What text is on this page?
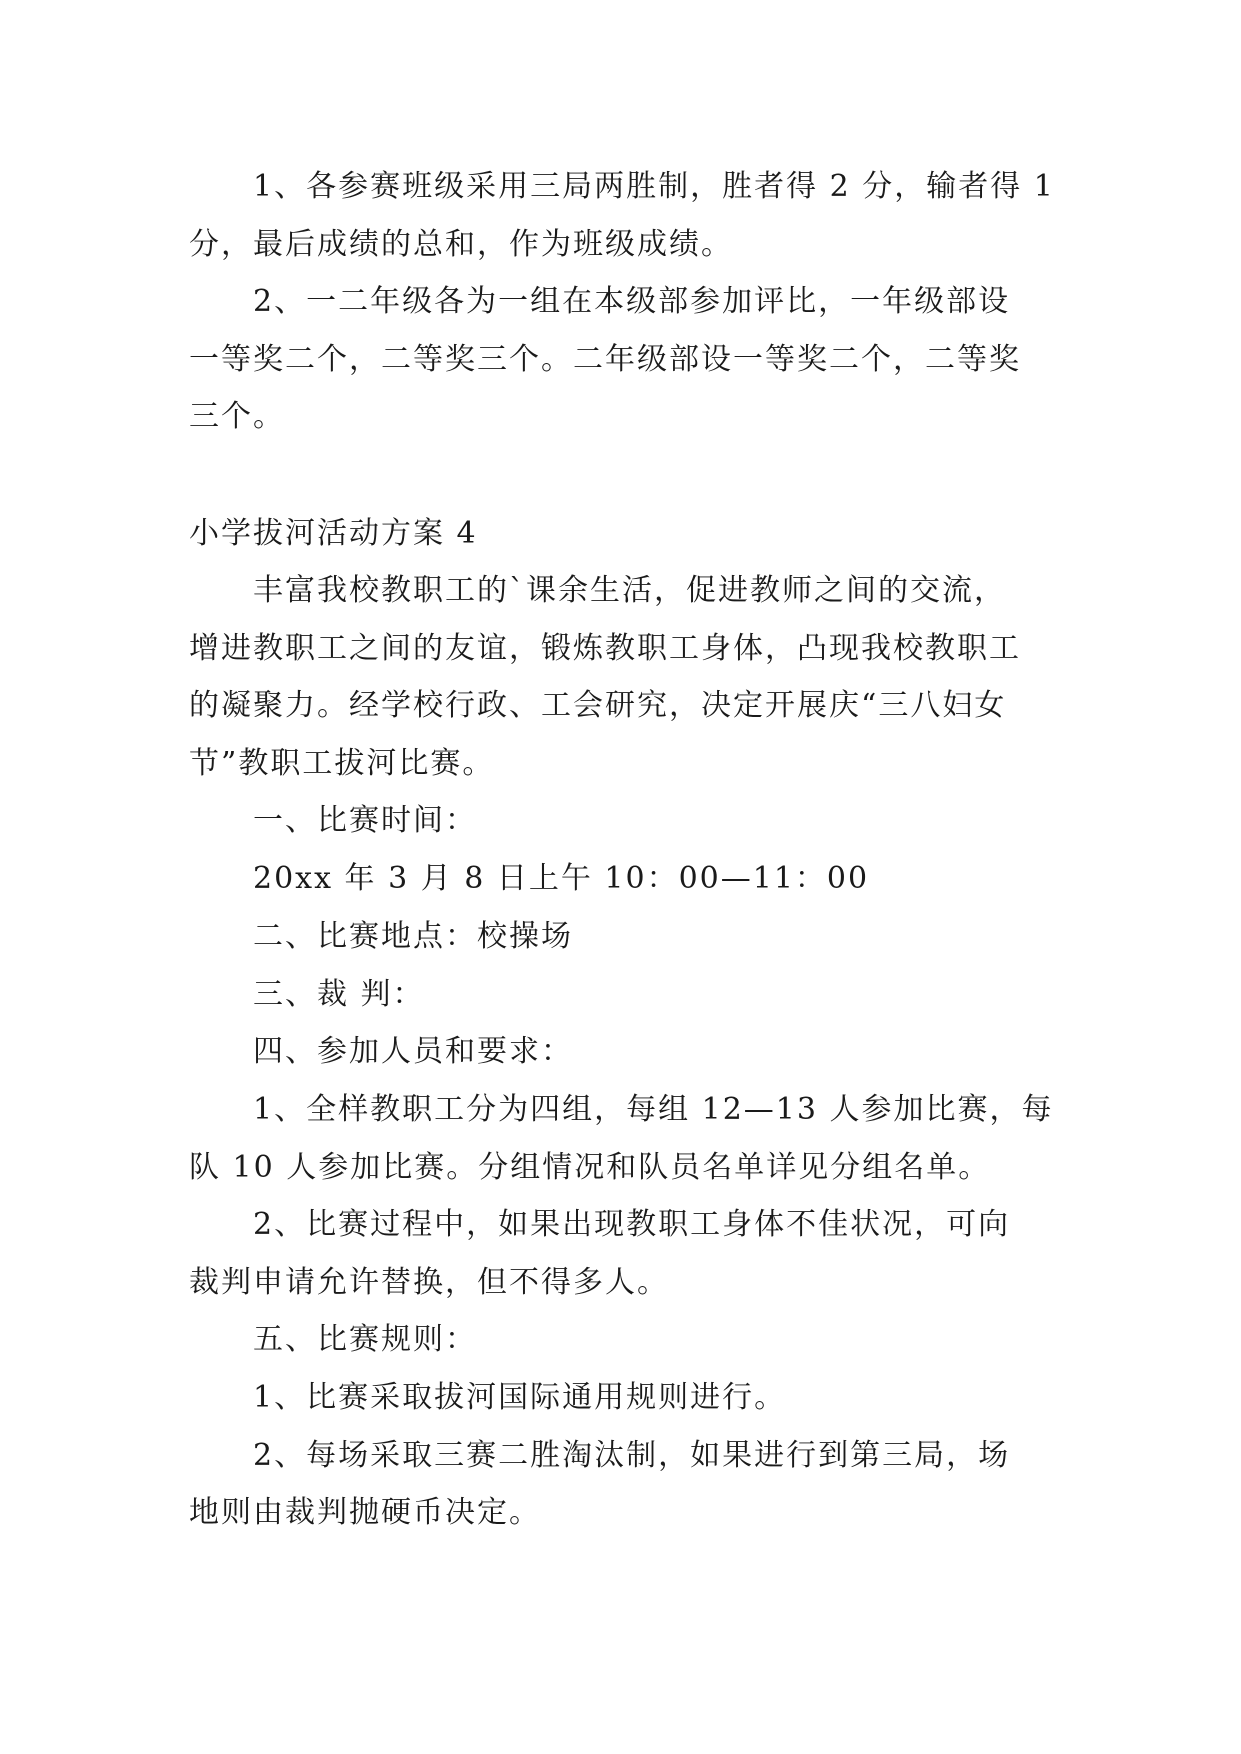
1、各参赛班级采用三局两胜制，胜者得 2 分，输者得 1
分，最后成绩的总和，作为班级成绩。
2、一二年级各为一组在本级部参加评比，一年级部设
一等奖二个，二等奖三个。二年级部设一等奖二个，二等奖
三个。
小学拔河活动方案 4
丰富我校教职工的`课余生活，促进教师之间的交流，
增进教职工之间的友谊，锻炼教职工身体，凸现我校教职工
的凝聚力。经学校行政、工会研究，决定开展庆“三八妇女
节”教职工拔河比赛。
一、比赛时间：
20xx 年 3 月 8 日上午 10：00—11：00
二、比赛地点：校操场
三、裁 判：
四、参加人员和要求：
1、全样教职工分为四组，每组 12—13 人参加比赛，每
队 10 人参加比赛。分组情况和队员名单详见分组名单。
2、比赛过程中，如果出现教职工身体不佳状况，可向
裁判申请允许替换，但不得多人。
五、比赛规则：
1、比赛采取拔河国际通用规则进行。
2、每场采取三赛二胜淘汰制，如果进行到第三局，场
地则由裁判抛硬币决定。
